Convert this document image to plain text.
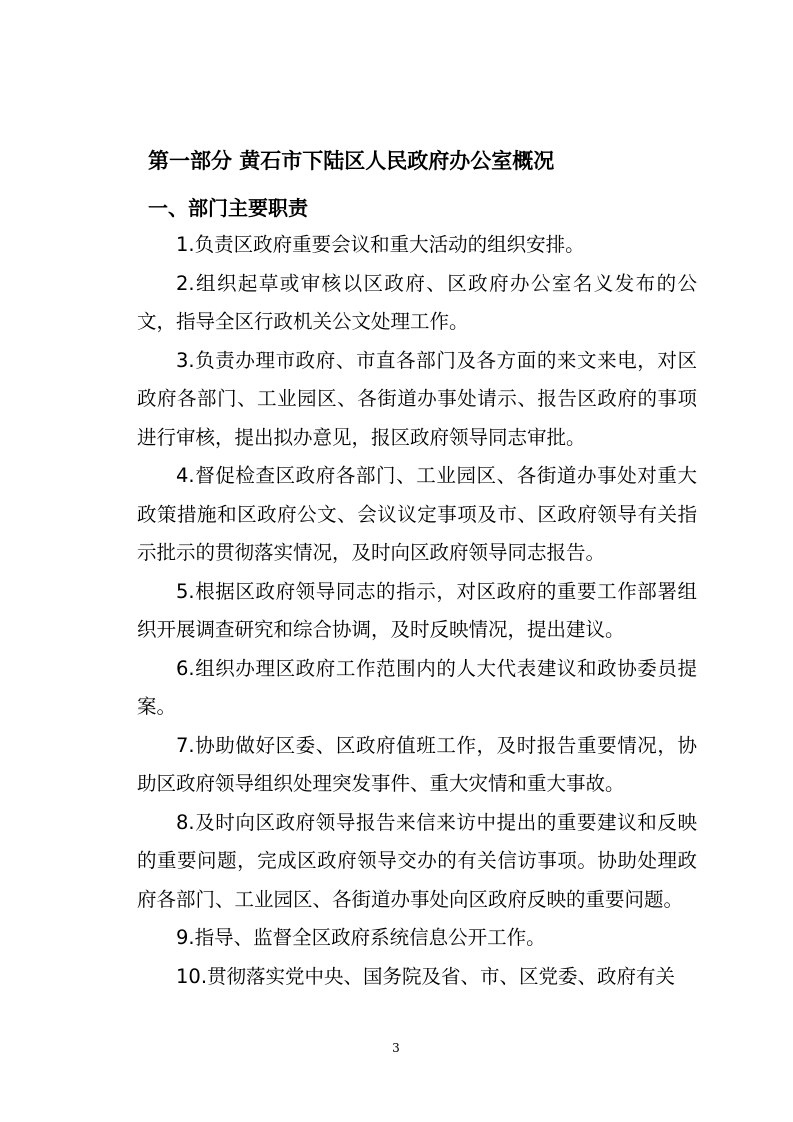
第一部分 黄石市下陆区人民政府办公室概况
一、部门主要职责

1.负责区政府重要会议和重大活动的组织安排。

2.组织起草或审核以区政府、区政府办公室名义发布的公文，指导全区行政机关公文处理工作。

3.负责办理市政府、市直各部门及各方面的来文来电，对区政府各部门、工业园区、各街道办事处请示、报告区政府的事项进行审核，提出拟办意见，报区政府领导同志审批。

4.督促检查区政府各部门、工业园区、各街道办事处对重大政策措施和区政府公文、会议议定事项及市、区政府领导有关指示批示的贯彻落实情况，及时向区政府领导同志报告。

5.根据区政府领导同志的指示，对区政府的重要工作部署组织开展调查研究和综合协调，及时反映情况，提出建议。

6.组织办理区政府工作范围内的人大代表建议和政协委员提案。

7.协助做好区委、区政府值班工作，及时报告重要情况，协助区政府领导组织处理突发事件、重大灾情和重大事故。

8.及时向区政府领导报告来信来访中提出的重要建议和反映的重要问题，完成区政府领导交办的有关信访事项。协助处理政府各部门、工业园区、各街道办事处向区政府反映的重要问题。

9.指导、监督全区政府系统信息公开工作。

10.贯彻落实党中央、国务院及省、市、区党委、政府有关

3
